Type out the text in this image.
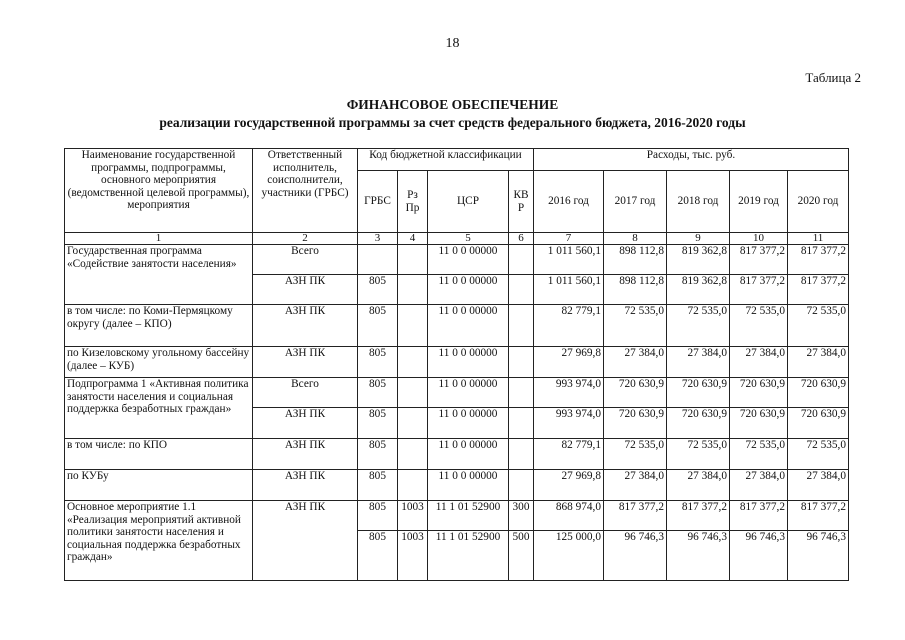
18
Таблица 2
ФИНАНСОВОЕ ОБЕСПЕЧЕНИЕ
реализации государственной программы за счет средств федерального бюджета, 2016-2020 годы
Наименование государственной программы, подпрограммы, основного мероприятия (ведомственной целевой программы), мероприятия	Ответственный исполнитель, соисполнители, участники (ГРБС)	Код бюджетной классификации				Расходы, тыс. руб.				
		ГРБС	Рз Пр	ЦСР	КВ Р	2016 год	2017 год	2018 год	2019 год	2020 год
1	2	3	4	5	6	7	8	9	10	11
Государственная программа «Содействие занятости населения»	Всего			11 0 0 00000		1 011 560,1	898 112,8	819 362,8	817 377,2	817 377,2
	АЗН ПК	805		11 0 0 00000		1 011 560,1	898 112,8	819 362,8	817 377,2	817 377,2
в том числе: по Коми-Пермяцкому округу (далее – КПО)	АЗН ПК	805		11 0 0 00000		82 779,1	72 535,0	72 535,0	72 535,0	72 535,0
по Кизеловскому угольному бассейну (далее – КУБ)	АЗН ПК	805		11 0 0 00000		27 969,8	27 384,0	27 384,0	27 384,0	27 384,0
Подпрограмма 1 «Активная политика занятости населения и социальная поддержка безработных граждан»	Всего	805		11 0 0 00000		993 974,0	720 630,9	720 630,9	720 630,9	720 630,9
	АЗН ПК	805		11 0 0 00000		993 974,0	720 630,9	720 630,9	720 630,9	720 630,9
в том числе: по КПО	АЗН ПК	805		11 0 0 00000		82 779,1	72 535,0	72 535,0	72 535,0	72 535,0
по КУБу	АЗН ПК	805		11 0 0 00000		27 969,8	27 384,0	27 384,0	27 384,0	27 384,0
Основное мероприятие 1.1 «Реализация мероприятий активной политики занятости населения и социальная поддержка безработных граждан»	АЗН ПК	805	1003	11 1 01 52900	300	868 974,0	817 377,2	817 377,2	817 377,2	817 377,2
		805	1003	11 1 01 52900	500	125 000,0	96 746,3	96 746,3	96 746,3	96 746,3
